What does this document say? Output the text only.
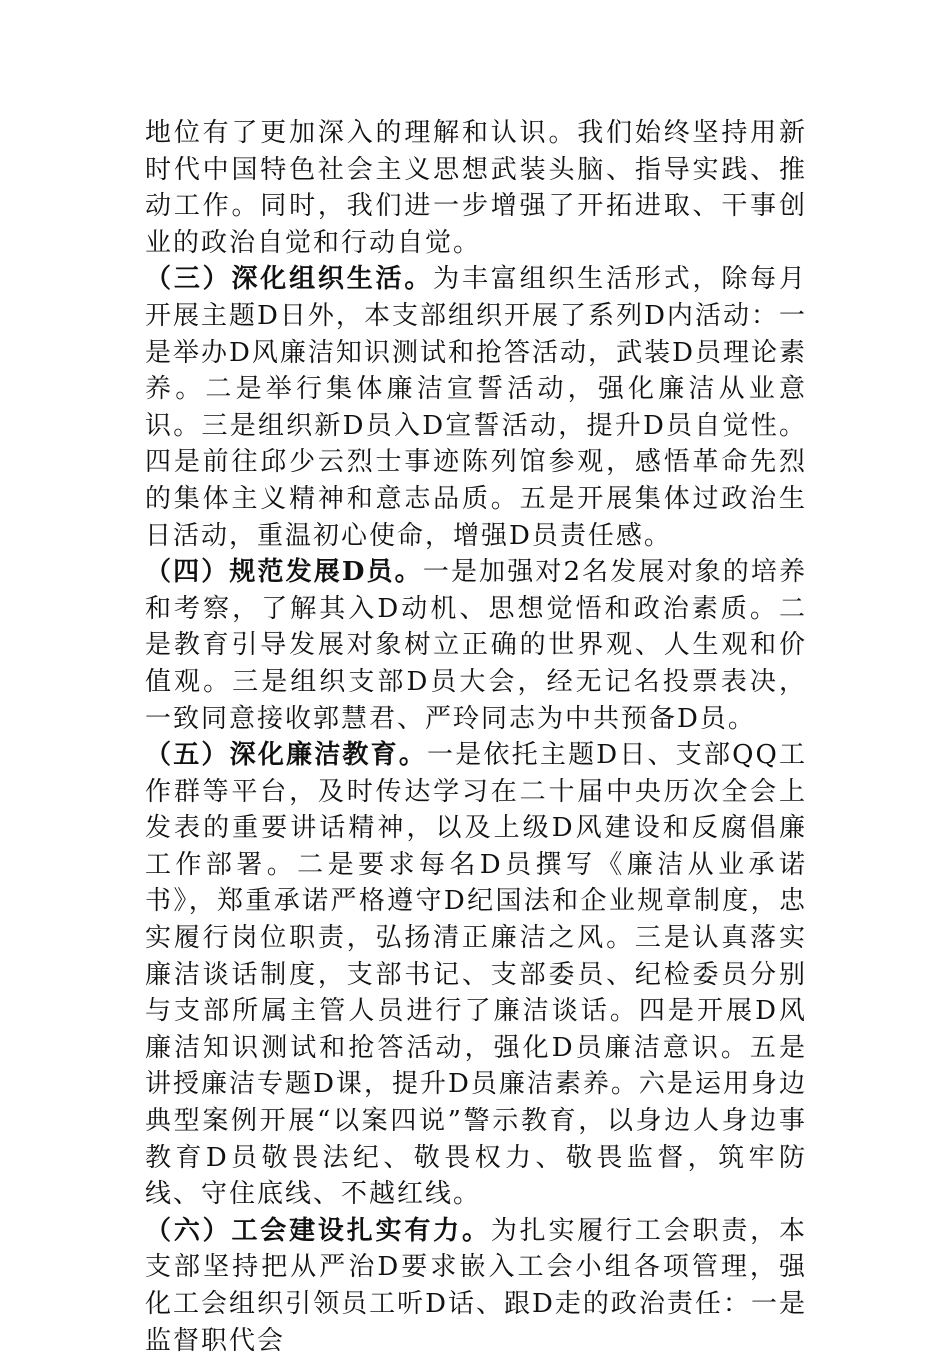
地位有了更加深入的理解和认识。我们始终坚持用新时代中国特色社会主义思想武装头脑、指导实践、推动工作。同时，我们进一步增强了开拓进取、干事创业的政治自觉和行动自觉。

（三）深化组织生活。为丰富组织生活形式，除每月开展主题D日外，本支部组织开展了系列D内活动：一是举办D风廉洁知识测试和抢答活动，武装D员理论素养。二是举行集体廉洁宣誓活动，强化廉洁从业意识。三是组织新D员入D宣誓活动，提升D员自觉性。四是前往邱少云烈士事迹陈列馆参观，感悟革命先烈的集体主义精神和意志品质。五是开展集体过政治生日活动，重温初心使命，增强D员责任感。

（四）规范发展D员。一是加强对2名发展对象的培养和考察，了解其入D动机、思想觉悟和政治素质。二是教育引导发展对象树立正确的世界观、人生观和价值观。三是组织支部D员大会，经无记名投票表决，一致同意接收郭慧君、严玲同志为中共预备D员。

（五）深化廉洁教育。一是依托主题D日、支部QQ工作群等平台，及时传达学习在二十届中央历次全会上发表的重要讲话精神，以及上级D风建设和反腐倡廉工作部署。二是要求每名D员撰写《廉洁从业承诺书》，郑重承诺严格遵守D纪国法和企业规章制度，忠实履行岗位职责，弘扬清正廉洁之风。三是认真落实廉洁谈话制度，支部书记、支部委员、纪检委员分别与支部所属主管人员进行了廉洁谈话。四是开展D风廉洁知识测试和抢答活动，强化D员廉洁意识。五是讲授廉洁专题D课，提升D员廉洁素养。六是运用身边典型案例开展“以案四说”警示教育，以身边人身边事教育D员敬畏法纪、敬畏权力、敬畏监督，筑牢防线、守住底线、不越红线。

（六）工会建设扎实有力。为扎实履行工会职责，本支部坚持把从严治D要求嵌入工会小组各项管理，强化工会组织引领员工听D话、跟D走的政治责任：一是监督职代会
